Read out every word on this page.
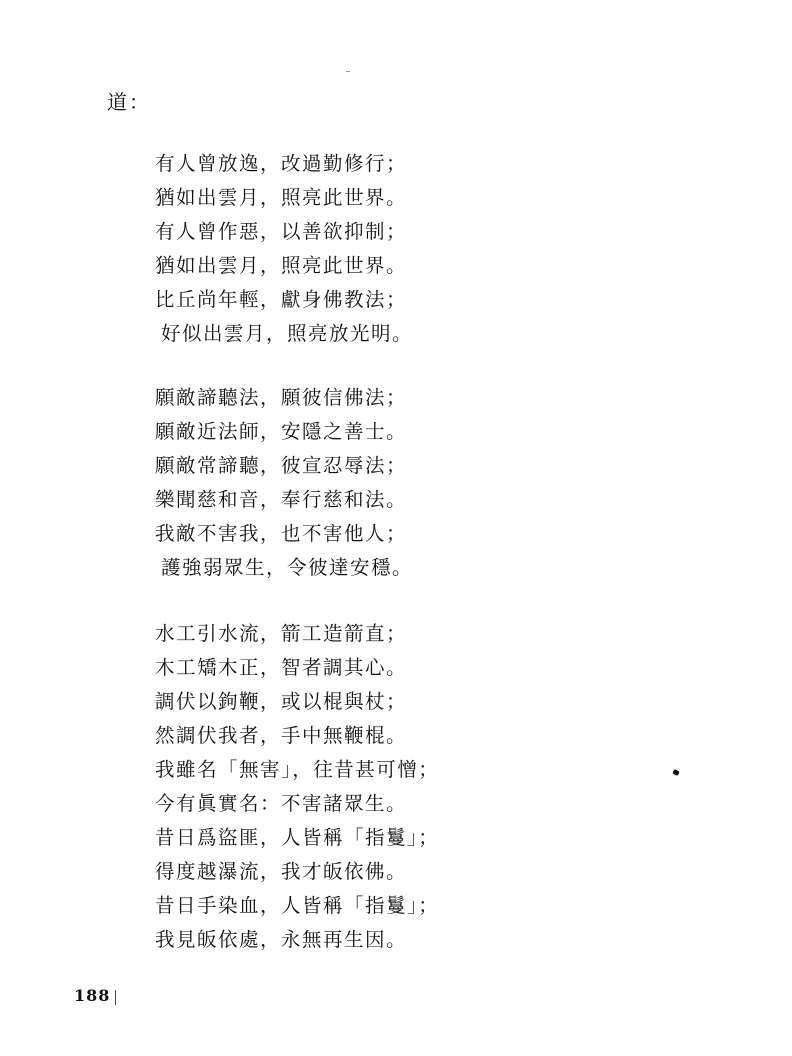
道：
有人曾放逸，改過勤修行；
猶如出雲月，照亮此世界。
有人曾作惡，以善欲抑制；
猶如出雲月，照亮此世界。
比丘尚年輕，獻身佛教法；
好似出雲月，照亮放光明。
願敵諦聽法，願彼信佛法；
願敵近法師，安隱之善士。
願敵常諦聽，彼宣忍辱法；
樂聞慈和音，奉行慈和法。
我敵不害我，也不害他人；
護強弱眾生，令彼達安穩。
水工引水流，箭工造箭直；
木工矯木正，智者調其心。
調伏以鉤鞭，或以棍與杖；
然調伏我者，手中無鞭棍。
我雖名「無害」，往昔甚可憎；
今有眞實名：不害諸眾生。
昔日爲盜匪，人皆稱「指鬘」；
得度越瀑流，我才皈依佛。
昔日手染血，人皆稱「指鬘」；
我見皈依處，永無再生因。
188
